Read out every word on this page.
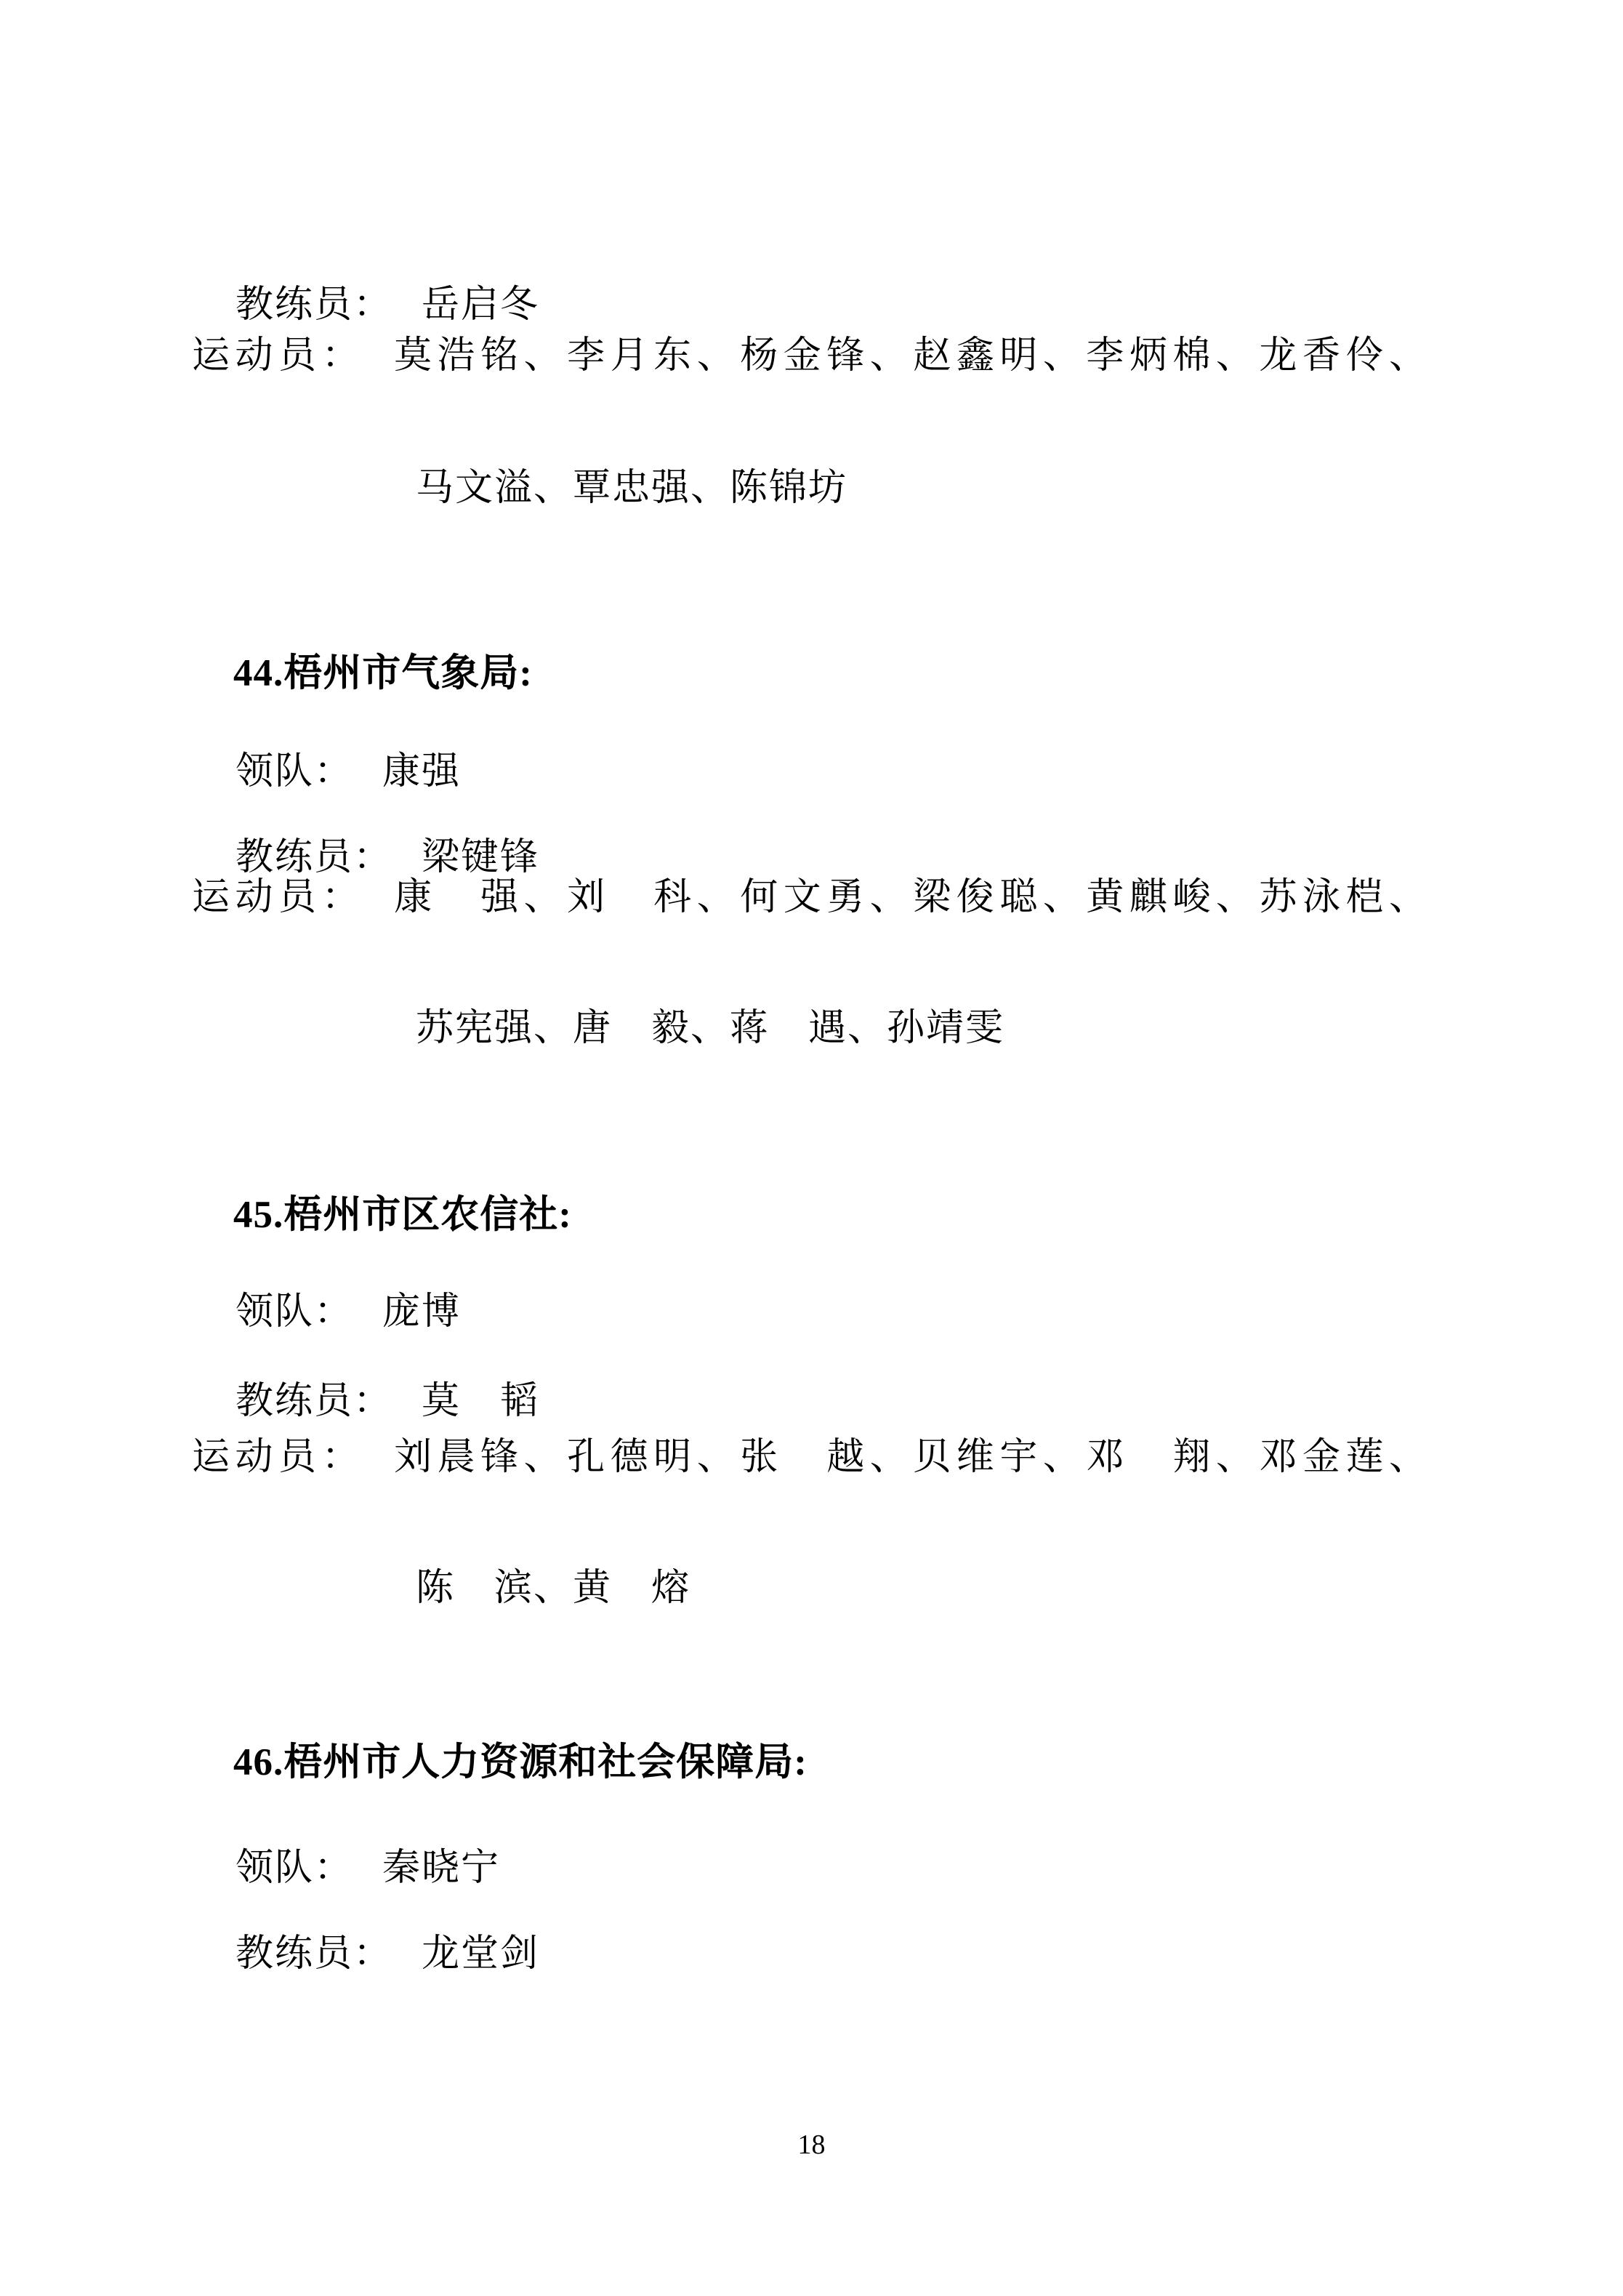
教练员： 岳启冬

运动员： 莫浩铭、李月东、杨金锋、赵鑫明、李炳棉、龙香伶、

马文溢、覃忠强、陈锦坊

44.梧州市气象局:

领队： 康强

教练员： 梁键锋

运动员： 康　强、刘　科、何文勇、梁俊聪、黄麒峻、苏泳桤、

苏宪强、唐　毅、蒋　遇、孙靖雯

45.梧州市区农信社:

领队： 庞博

教练员： 莫　韬

运动员： 刘晨锋、孔德明、张　越、贝维宇、邓　翔、邓金莲、

陈　滨、黄　熔

46.梧州市人力资源和社会保障局:

领队： 秦晓宁

教练员： 龙堂剑

18
